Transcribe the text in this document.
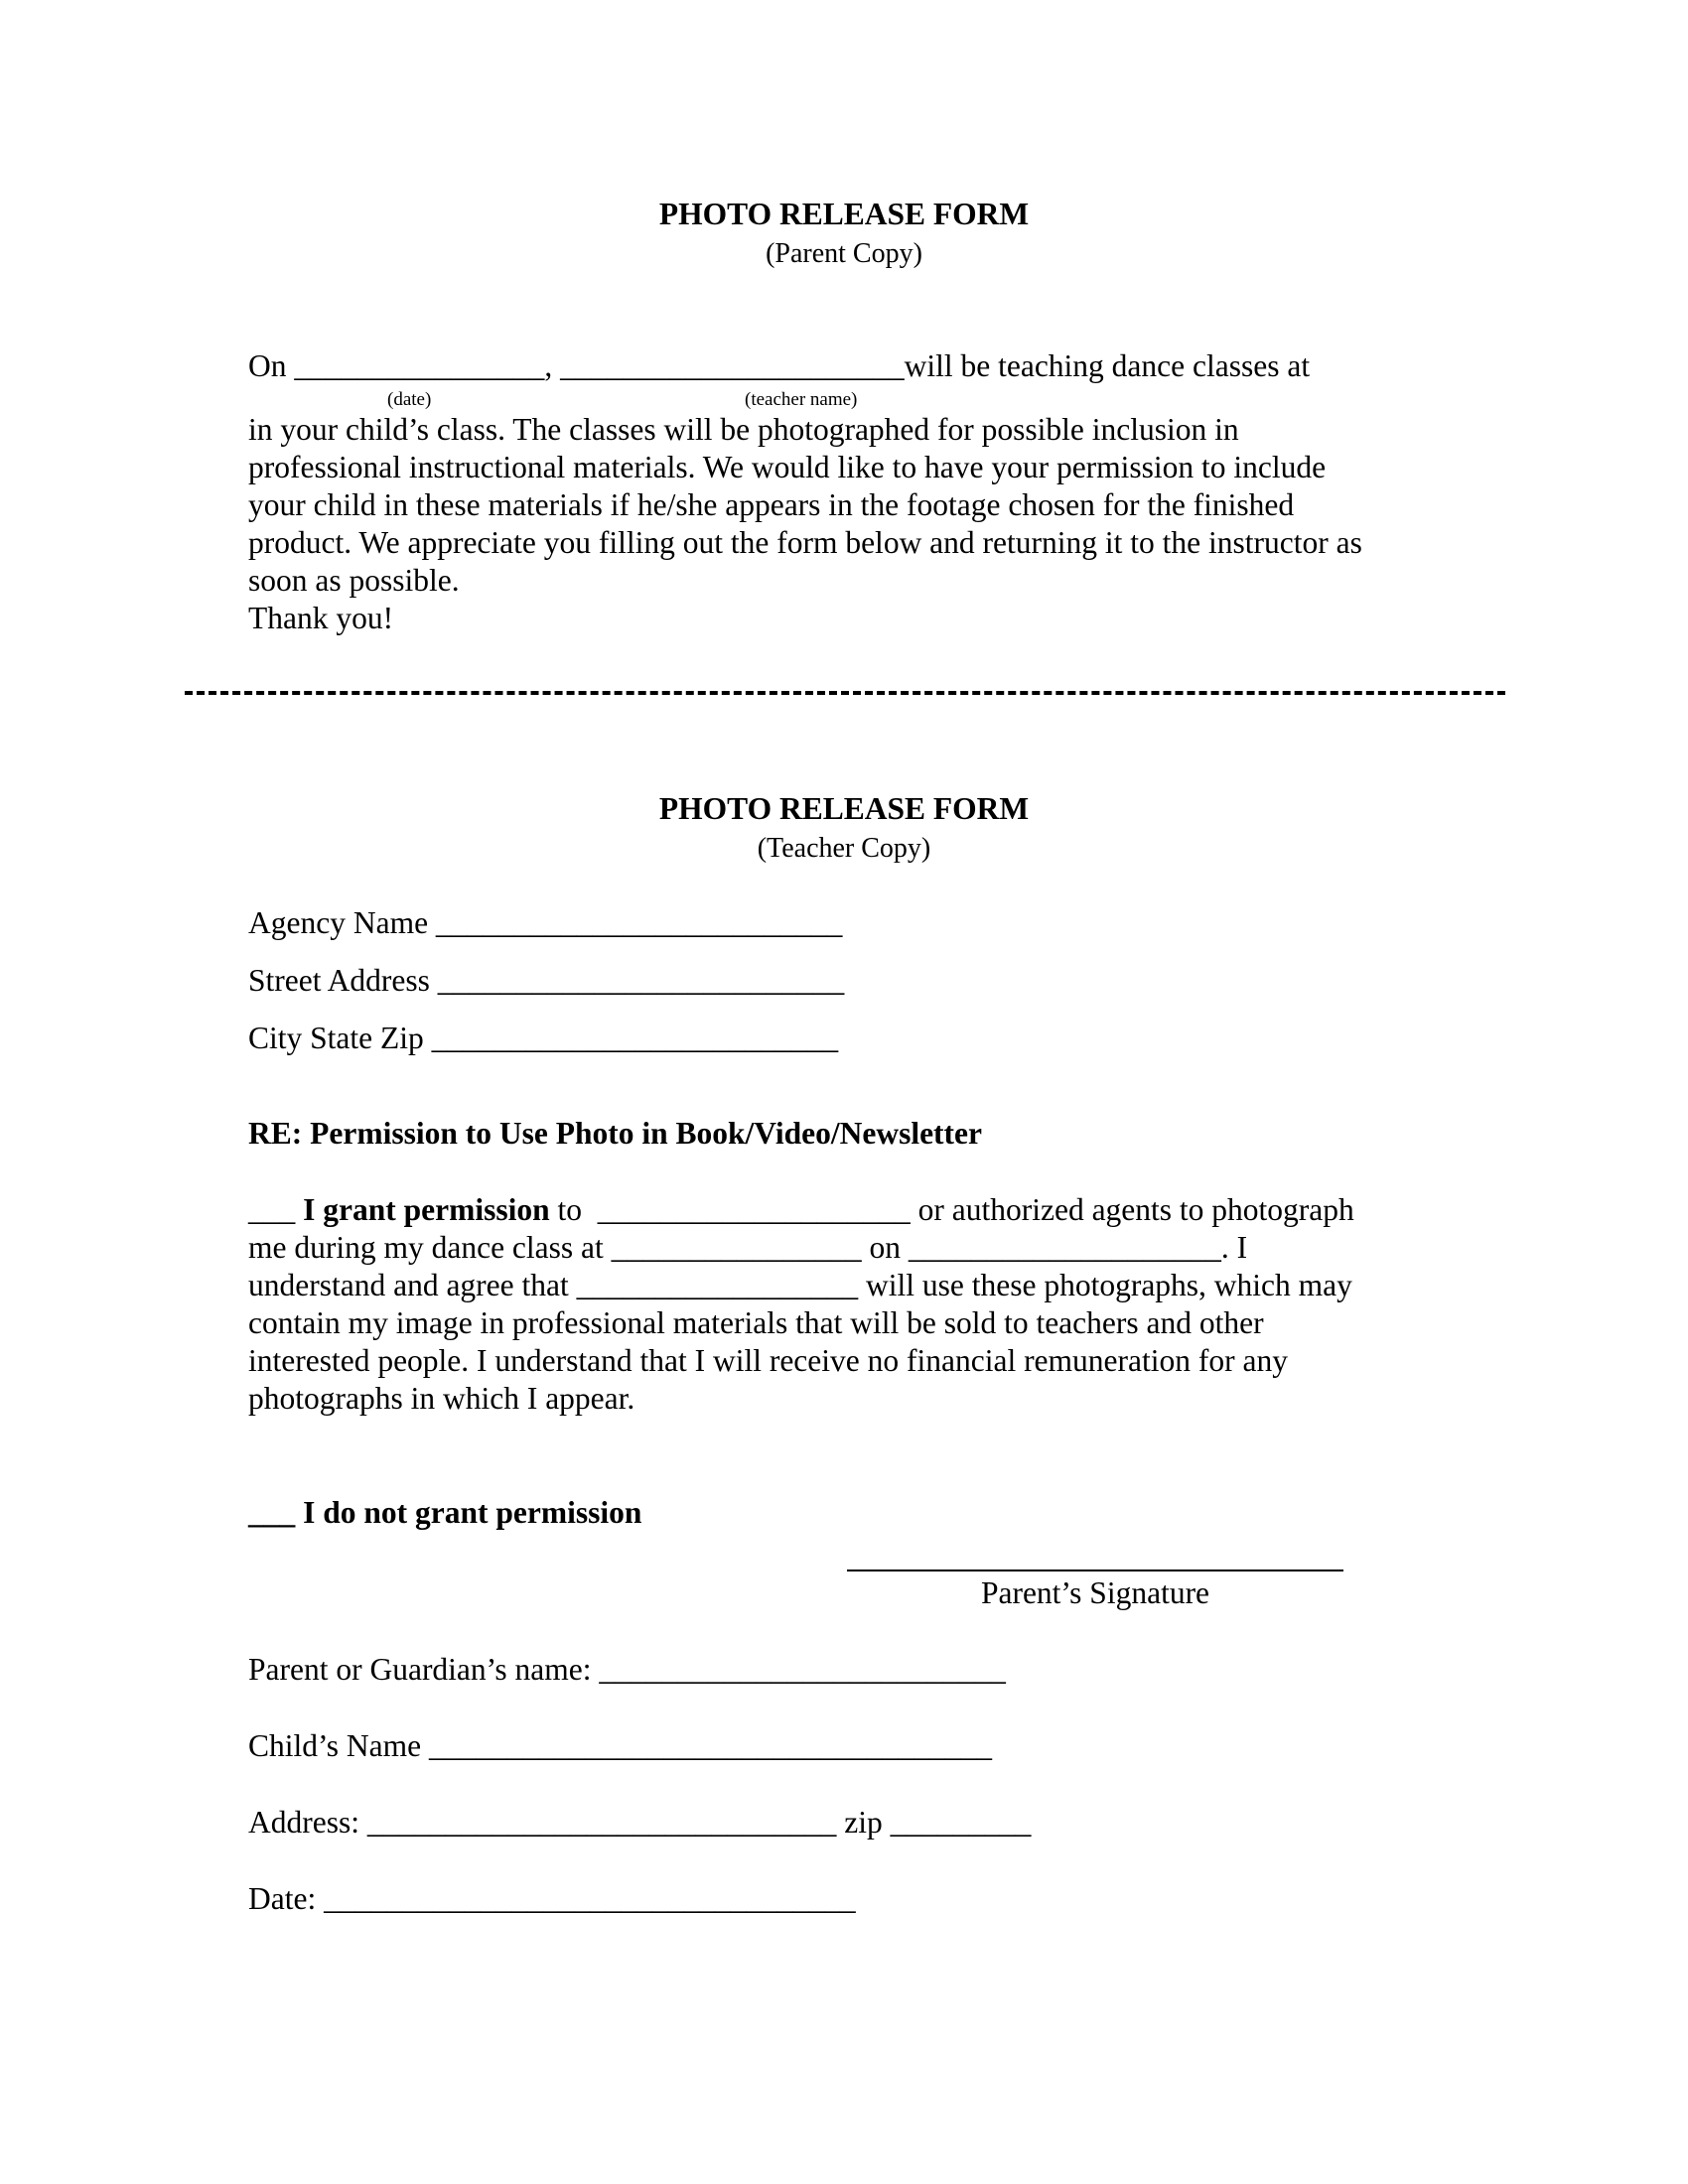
PHOTO RELEASE FORM
(Parent Copy)
On ________________, ______________________will be teaching dance classes at
(date)	(teacher name)
in your child’s class. The classes will be photographed for possible inclusion in
professional instructional materials. We would like to have your permission to include
your child in these materials if he/she appears in the footage chosen for the finished
product. We appreciate you filling out the form below and returning it to the instructor as
soon as possible.
Thank you!
PHOTO RELEASE FORM
(Teacher Copy)
Agency Name __________________________
Street Address __________________________
City State Zip __________________________
RE: Permission to Use Photo in Book/Video/Newsletter
___ I grant permission to  ____________________ or authorized agents to photograph
me during my dance class at ________________ on ____________________. I
understand and agree that __________________ will use these photographs, which may
contain my image in professional materials that will be sold to teachers and other
interested people. I understand that I will receive no financial remuneration for any
photographs in which I appear.
___ I do not grant permission
Parent’s Signature
Parent or Guardian’s name: __________________________
Child’s Name ____________________________________
Address: ______________________________ zip _________
Date: __________________________________
